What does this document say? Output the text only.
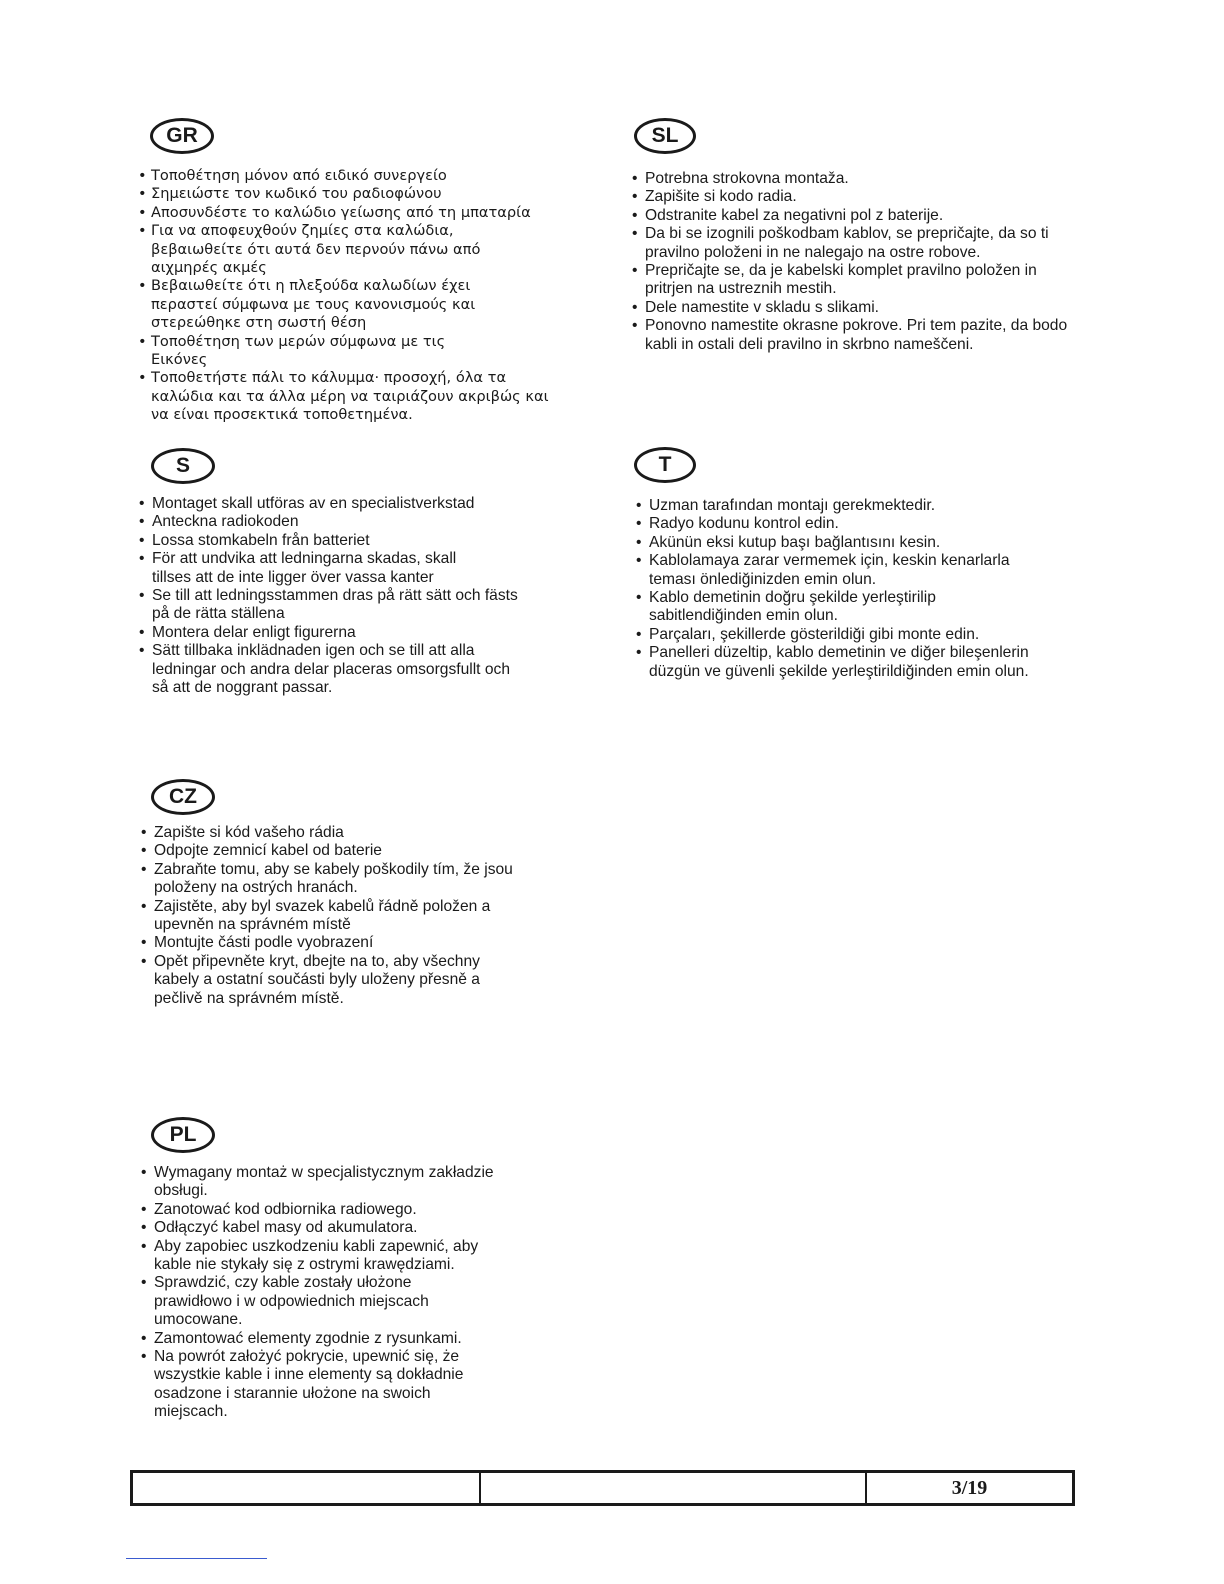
GR
• Τοποθέτηση μόνον από ειδικό συνεργείο
• Σημειώστε τον κωδικό του ραδιοφώνου
• Αποσυνδέστε το καλώδιο γείωσης από τη μπαταρία
• Για να αποφευχθούν ζημίες στα καλώδια, βεβαιωθείτε ότι αυτά δεν περνούν πάνω από αιχμηρές ακμές
• Βεβαιωθείτε ότι η πλεξούδα καλωδίων έχει περαστεί σύμφωνα με τους κανονισμούς και στερεώθηκε στη σωστή θέση
• Τοποθέτηση των μερών σύμφωνα με τις Εικόνες
• Τοποθετήστε πάλι το κάλυμμα· προσοχή, όλα τα καλώδια και τα άλλα μέρη να ταιριάζουν ακριβώς και να είναι προσεκτικά τοποθετημένα.
SL
• Potrebna strokovna montaža.
• Zapišite si kodo radia.
• Odstranite kabel za negativni pol z baterije.
• Da bi se izognili poškodbam kablov, se prepričajte, da so ti pravilno položeni in ne nalegajo na ostre robove.
• Prepričajte se, da je kabelski komplet pravilno položen in pritrjen na ustreznih mestih.
• Dele namestite v skladu s slikami.
• Ponovno namestite okrasne pokrove. Pri tem pazite, da bodo kabli in ostali deli pravilno in skrbno nameščeni.
S
• Montaget skall utföras av en specialistverkstad
• Anteckna radiokoden
• Lossa stomkabeln från batteriet
• För att undvika att ledningarna skadas, skall tillses att de inte ligger över vassa kanter
• Se till att ledningsstammen dras på rätt sätt och fästs på de rätta ställena
• Montera delar enligt figurerna
• Sätt tillbaka inklädnaden igen och se till att alla ledningar och andra delar placeras omsorgsfullt och så att de noggrant passar.
T
• Uzman tarafından montajı gerekmektedir.
• Radyo kodunu kontrol edin.
• Akünün eksi kutup başı bağlantısını kesin.
• Kablolamaya zarar vermemek için, keskin kenarlarla teması önlediğinizden emin olun.
• Kablo demetinin doğru şekilde yerleştirilip sabitlendiğinden emin olun.
• Parçaları, şekillerde gösterildiği gibi monte edin.
• Panelleri düzeltip, kablo demetinin ve diğer bileşenlerin düzgün ve güvenli şekilde yerleştirildiğinden emin olun.
CZ
• Zapište si kód vašeho rádia
• Odpojte zemnicí kabel od baterie
• Zabraňte tomu, aby se kabely poškodily tím, že jsou položeny na ostrých hranách.
• Zajistěte, aby byl svazek kabelů řádně položen a upevněn na správném místě
• Montujte části podle vyobrazení
• Opět připevněte kryt, dbejte na to, aby všechny kabely a ostatní součásti byly uloženy přesně a pečlivě na správném místě.
PL
• Wymagany montaż w specjalistycznym zakładzie obsługi.
• Zanotować kod odbiornika radiowego.
• Odłączyć kabel masy od akumulatora.
• Aby zapobiec uszkodzeniu kabli zapewnić, aby kable nie stykały się z ostrymi krawędziami.
• Sprawdzić, czy kable zostały ułożone prawidłowo i w odpowiednich miejscach umocowane.
• Zamontować elementy zgodnie z rysunkami.
• Na powrót założyć pokrycie, upewnić się, że wszystkie kable i inne elementy są dokładnie osadzone i starannie ułożone na swoich miejscach.
3/19
